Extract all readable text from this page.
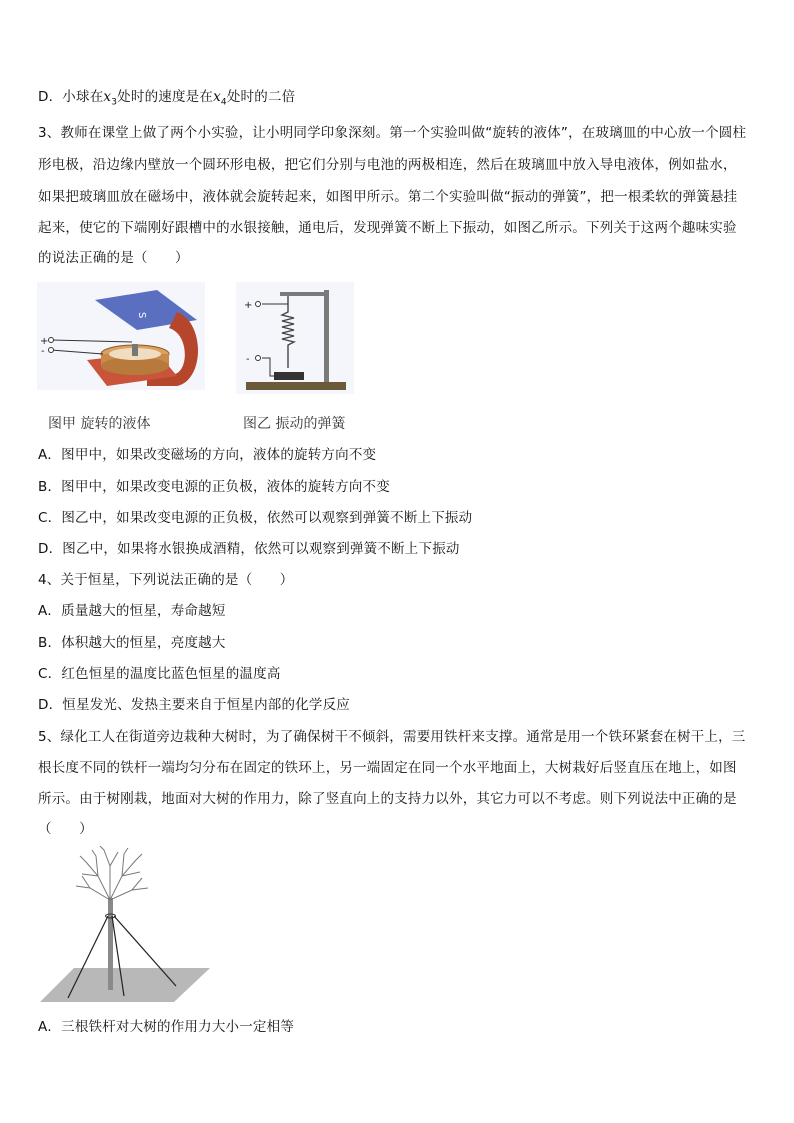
D．小球在$x_3$处时的速度是在$x_4$处时的二倍
3、教师在课堂上做了两个小实验，让小明同学印象深刻。第一个实验叫做“旋转的液体”，在玻璃皿的中心放一个圆柱
形电极，沿边缘内壁放一个圆环形电极，把它们分别与电池的两极相连，然后在玻璃皿中放入导电液体，例如盐水，
如果把玻璃皿放在磁场中，液体就会旋转起来，如图甲所示。第二个实验叫做“振动的弹簧”，把一根柔软的弹簧悬挂
起来，使它的下端刚好跟槽中的水银接触，通电后，发现弹簧不断上下振动，如图乙所示。下列关于这两个趣味实验
的说法正确的是（　　）
S
+
-
+
-
图甲 旋转的液体	图乙 振动的弹簧
A．图甲中，如果改变磁场的方向，液体的旋转方向不变
B．图甲中，如果改变电源的正负极，液体的旋转方向不变
C．图乙中，如果改变电源的正负极，依然可以观察到弹簧不断上下振动
D．图乙中，如果将水银换成酒精，依然可以观察到弹簧不断上下振动
4、关于恒星，下列说法正确的是（　　）
A．质量越大的恒星，寿命越短
B．体积越大的恒星，亮度越大
C．红色恒星的温度比蓝色恒星的温度高
D．恒星发光、发热主要来自于恒星内部的化学反应
5、绿化工人在街道旁边栽种大树时，为了确保树干不倾斜，需要用铁杆来支撑。通常是用一个铁环紧套在树干上，三
根长度不同的铁杆一端均匀分布在固定的铁环上，另一端固定在同一个水平地面上，大树栽好后竖直压在地上，如图
所示。由于树刚栽，地面对大树的作用力，除了竖直向上的支持力以外，其它力可以不考虑。则下列说法中正确的是
（　　）
A．三根铁杆对大树的作用力大小一定相等
